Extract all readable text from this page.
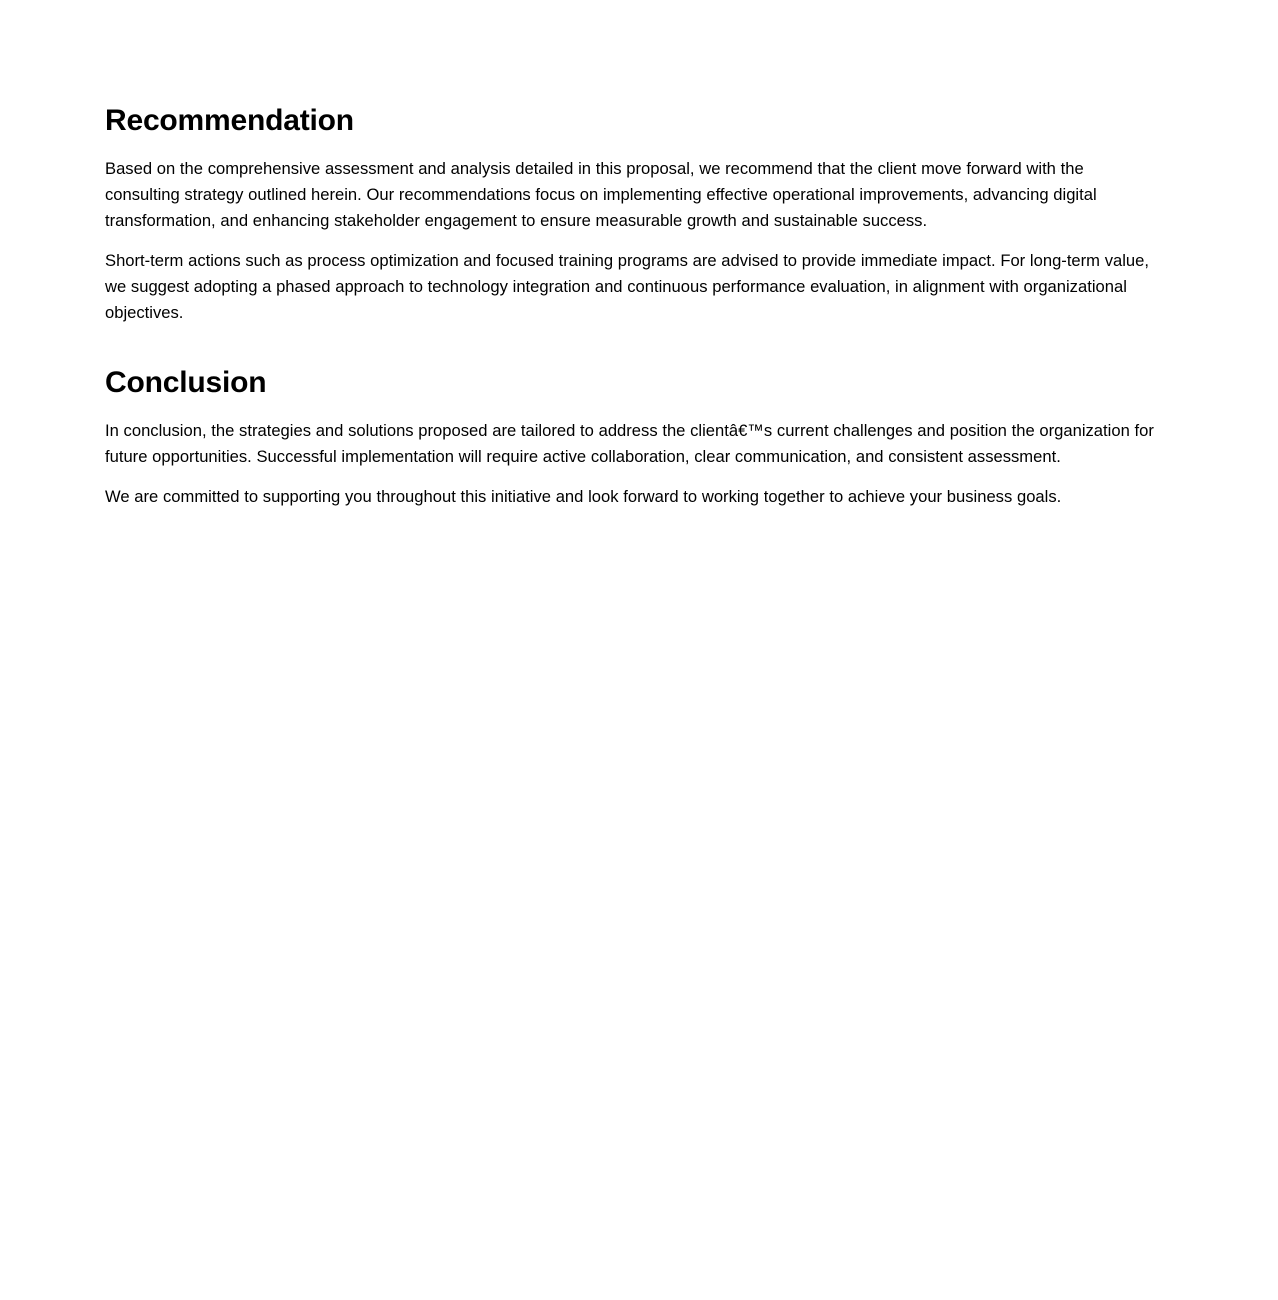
Recommendation

Based on the comprehensive assessment and analysis detailed in this proposal, we recommend that the client move forward with the consulting strategy outlined herein. Our recommendations focus on implementing effective operational improvements, advancing digital transformation, and enhancing stakeholder engagement to ensure measurable growth and sustainable success.

Short-term actions such as process optimization and focused training programs are advised to provide immediate impact. For long-term value, we suggest adopting a phased approach to technology integration and continuous performance evaluation, in alignment with organizational objectives.

Conclusion

In conclusion, the strategies and solutions proposed are tailored to address the clientâ€™s current challenges and position the organization for future opportunities. Successful implementation will require active collaboration, clear communication, and consistent assessment.

We are committed to supporting you throughout this initiative and look forward to working together to achieve your business goals.
